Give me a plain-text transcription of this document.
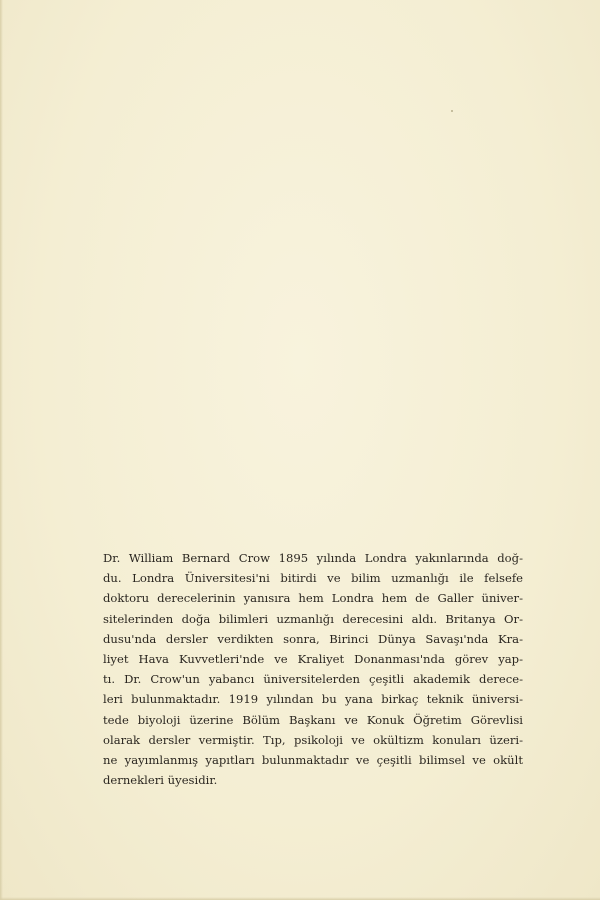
Dr. William Bernard Crow 1895 yılında Londra yakınlarında doğ-
du. Londra Üniversitesi'ni bitirdi ve bilim uzmanlığı ile felsefe
doktoru derecelerinin yanısıra hem Londra hem de Galler üniver-
sitelerinden doğa bilimleri uzmanlığı derecesini aldı. Britanya Or-
dusu'nda dersler verdikten sonra, Birinci Dünya Savaşı'nda Kra-
liyet Hava Kuvvetleri'nde ve Kraliyet Donanması'nda görev yap-
tı. Dr. Crow'un yabancı üniversitelerden çeşitli akademik derece-
leri bulunmaktadır. 1919 yılından bu yana birkaç teknik üniversi-
tede biyoloji üzerine Bölüm Başkanı ve Konuk Öğretim Görevlisi
olarak dersler vermiştir. Tıp, psikoloji ve okültizm konuları üzeri-
ne yayımlanmış yapıtları bulunmaktadır ve çeşitli bilimsel ve okült
dernekleri üyesidir.
